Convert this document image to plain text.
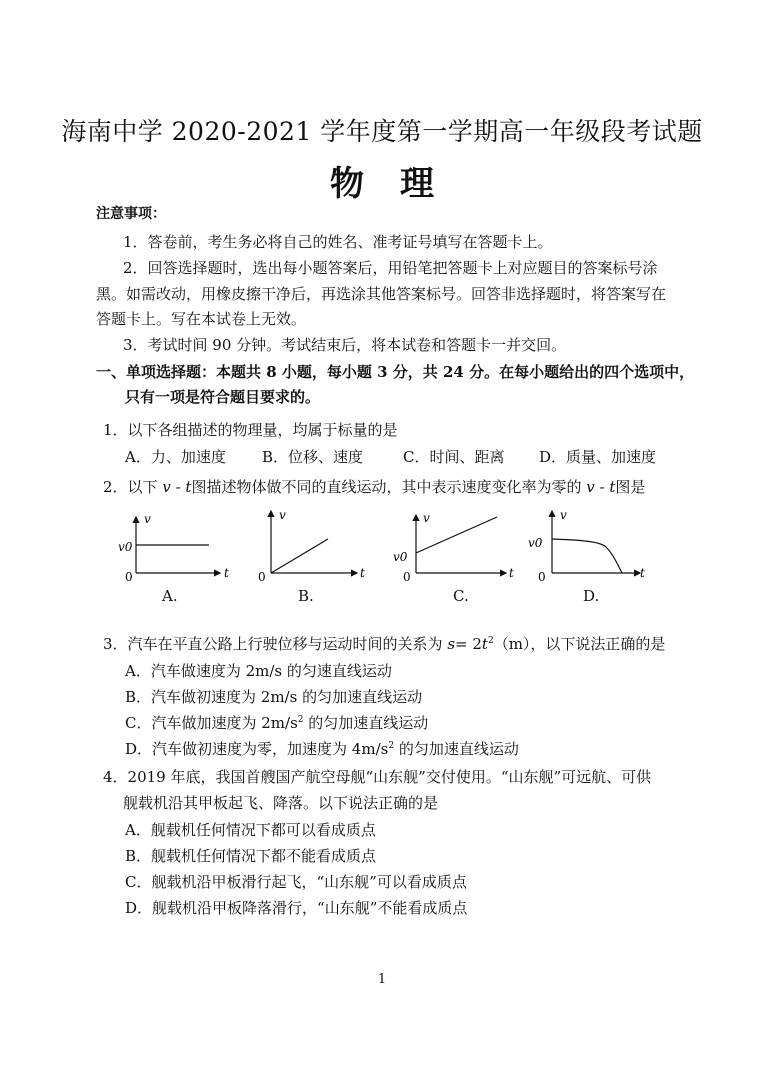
海南中学 2020-2021 学年度第一学期高一年级段考试题
物理
注意事项：
1．答卷前，考生务必将自己的姓名、准考证号填写在答题卡上。
2．回答选择题时，选出每小题答案后，用铅笔把答题卡上对应题目的答案标号涂
黑。如需改动，用橡皮擦干净后，再选涂其他答案标号。回答非选择题时，将答案写在
答题卡上。写在本试卷上无效。
3．考试时间 90 分钟。考试结束后，将本试卷和答题卡一并交回。
一、单项选择题：本题共 8 小题，每小题 3 分，共 24 分。在每小题给出的四个选项中，
只有一项是符合题目要求的。
1．以下各组描述的物理量，均属于标量的是
A．力、加速度 B．位移、速度	C．时间、距离 D．质量、加速度
2．以下 v - t图描述物体做不同的直线运动，其中表示速度变化率为零的 v - t图是
v
v0
0	t
v
0	t
v
v0
0	t
v
v0
0	t
A.	B.	C.	D.
3．汽车在平直公路上行驶位移与运动时间的关系为 $s= 2t^2(m)$，以下说法正确的是
A．汽车做速度为 2m/s 的匀速直线运动
B．汽车做初速度为 2m/s 的匀加速直线运动
C．汽车做加速度为 $2m/s^2$ 的匀加速直线运动
D．汽车做初速度为零，加速度为 $4m/s^2$ 的匀加速直线运动
4．2019 年底，我国首艘国产航空母舰“山东舰”交付使用。“山东舰”可远航、可供
舰载机沿其甲板起飞、降落。以下说法正确的是
A．舰载机任何情况下都可以看成质点
B．舰载机任何情况下都不能看成质点
C．舰载机沿甲板滑行起飞，“山东舰”可以看成质点
D．舰载机沿甲板降落滑行，“山东舰”不能看成质点
1
